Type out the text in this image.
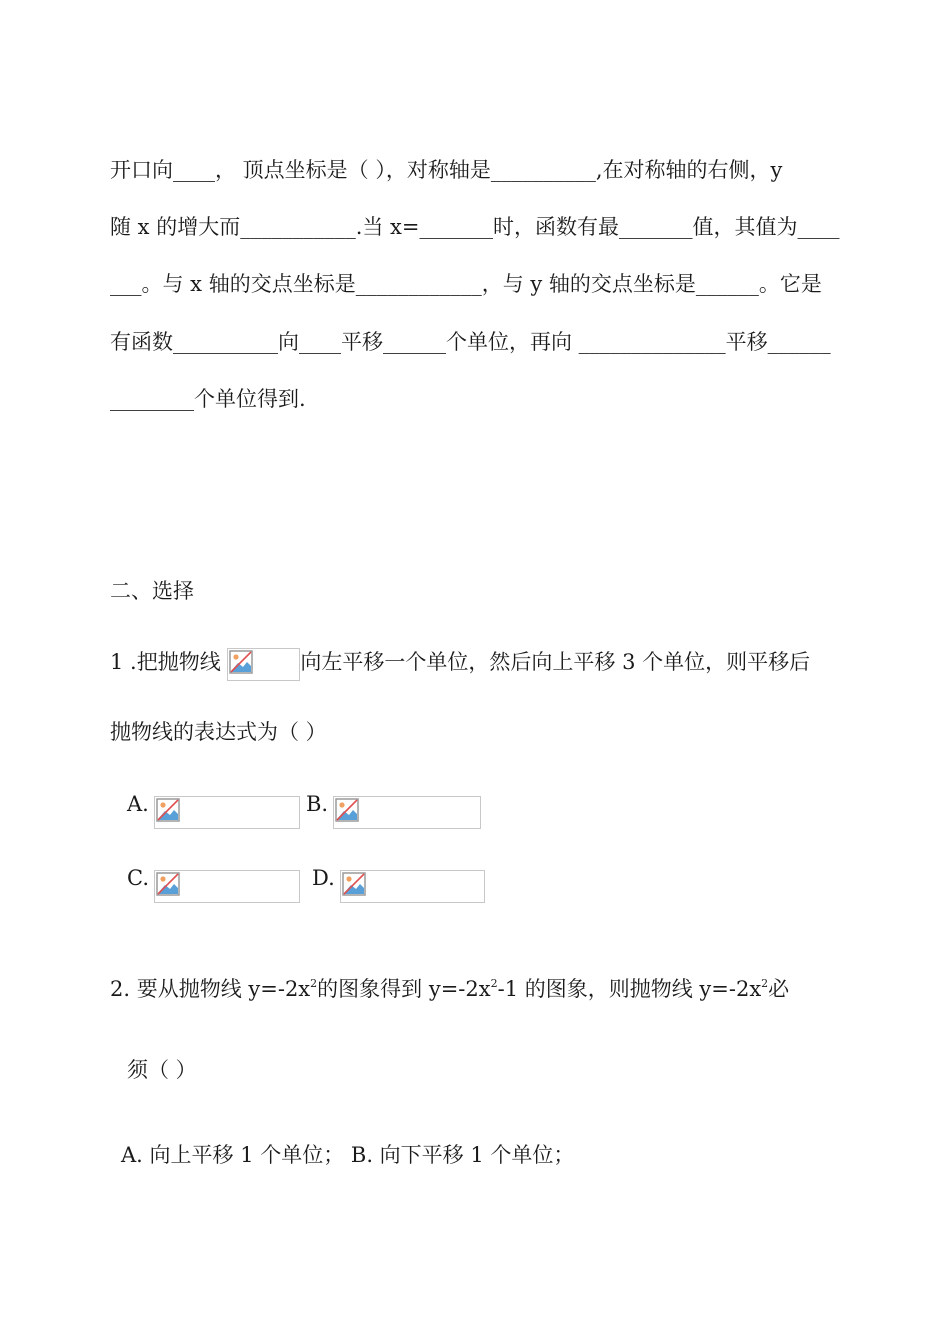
开口向____， 顶点坐标是（ ），对称轴是__________,在对称轴的右侧，y
随 x 的增大而___________.当 x=_______时，函数有最_______值，其值为____
___。与 x 轴的交点坐标是____________，与 y 轴的交点坐标是______。它是
有函数__________向____平移______个单位，再向 ______________平移______
________个单位得到.
二、选择
1 .把抛物线	向左平移一个单位，然后向上平移 3 个单位，则平移后
抛物线的表达式为（ ）
A.	B.
C.	D.
2. 要从抛物线 $y=-2x^2$的图象得到 $y=-2x^2-1$ 的图象，则抛物线 $y=-2x^2$必
须（ ）
A. 向上平移 1 个单位； B. 向下平移 1 个单位；
